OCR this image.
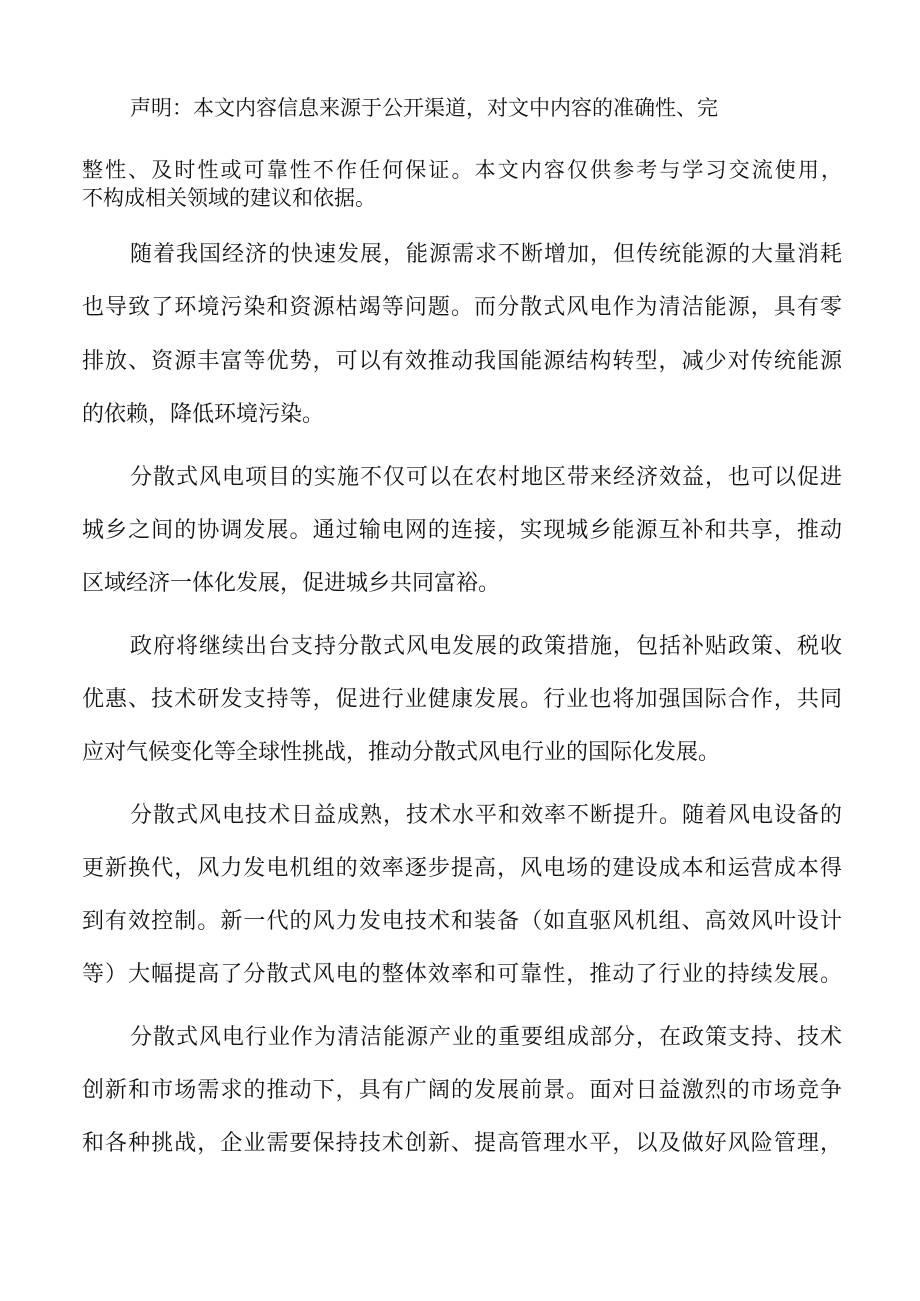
声明：本文内容信息来源于公开渠道，对文中内容的准确性、完
整性、及时性或可靠性不作任何保证。本文内容仅供参考与学习交流使用，
不构成相关领域的建议和依据。
随着我国经济的快速发展，能源需求不断增加，但传统能源的大量消耗
也导致了环境污染和资源枯竭等问题。而分散式风电作为清洁能源，具有零
排放、资源丰富等优势，可以有效推动我国能源结构转型，减少对传统能源
的依赖，降低环境污染。
分散式风电项目的实施不仅可以在农村地区带来经济效益，也可以促进
城乡之间的协调发展。通过输电网的连接，实现城乡能源互补和共享，推动
区域经济一体化发展，促进城乡共同富裕。
政府将继续出台支持分散式风电发展的政策措施，包括补贴政策、税收
优惠、技术研发支持等，促进行业健康发展。行业也将加强国际合作，共同
应对气候变化等全球性挑战，推动分散式风电行业的国际化发展。
分散式风电技术日益成熟，技术水平和效率不断提升。随着风电设备的
更新换代，风力发电机组的效率逐步提高，风电场的建设成本和运营成本得
到有效控制。新一代的风力发电技术和装备（如直驱风机组、高效风叶设计
等）大幅提高了分散式风电的整体效率和可靠性，推动了行业的持续发展。
分散式风电行业作为清洁能源产业的重要组成部分，在政策支持、技术
创新和市场需求的推动下，具有广阔的发展前景。面对日益激烈的市场竞争
和各种挑战，企业需要保持技术创新、提高管理水平，以及做好风险管理，
